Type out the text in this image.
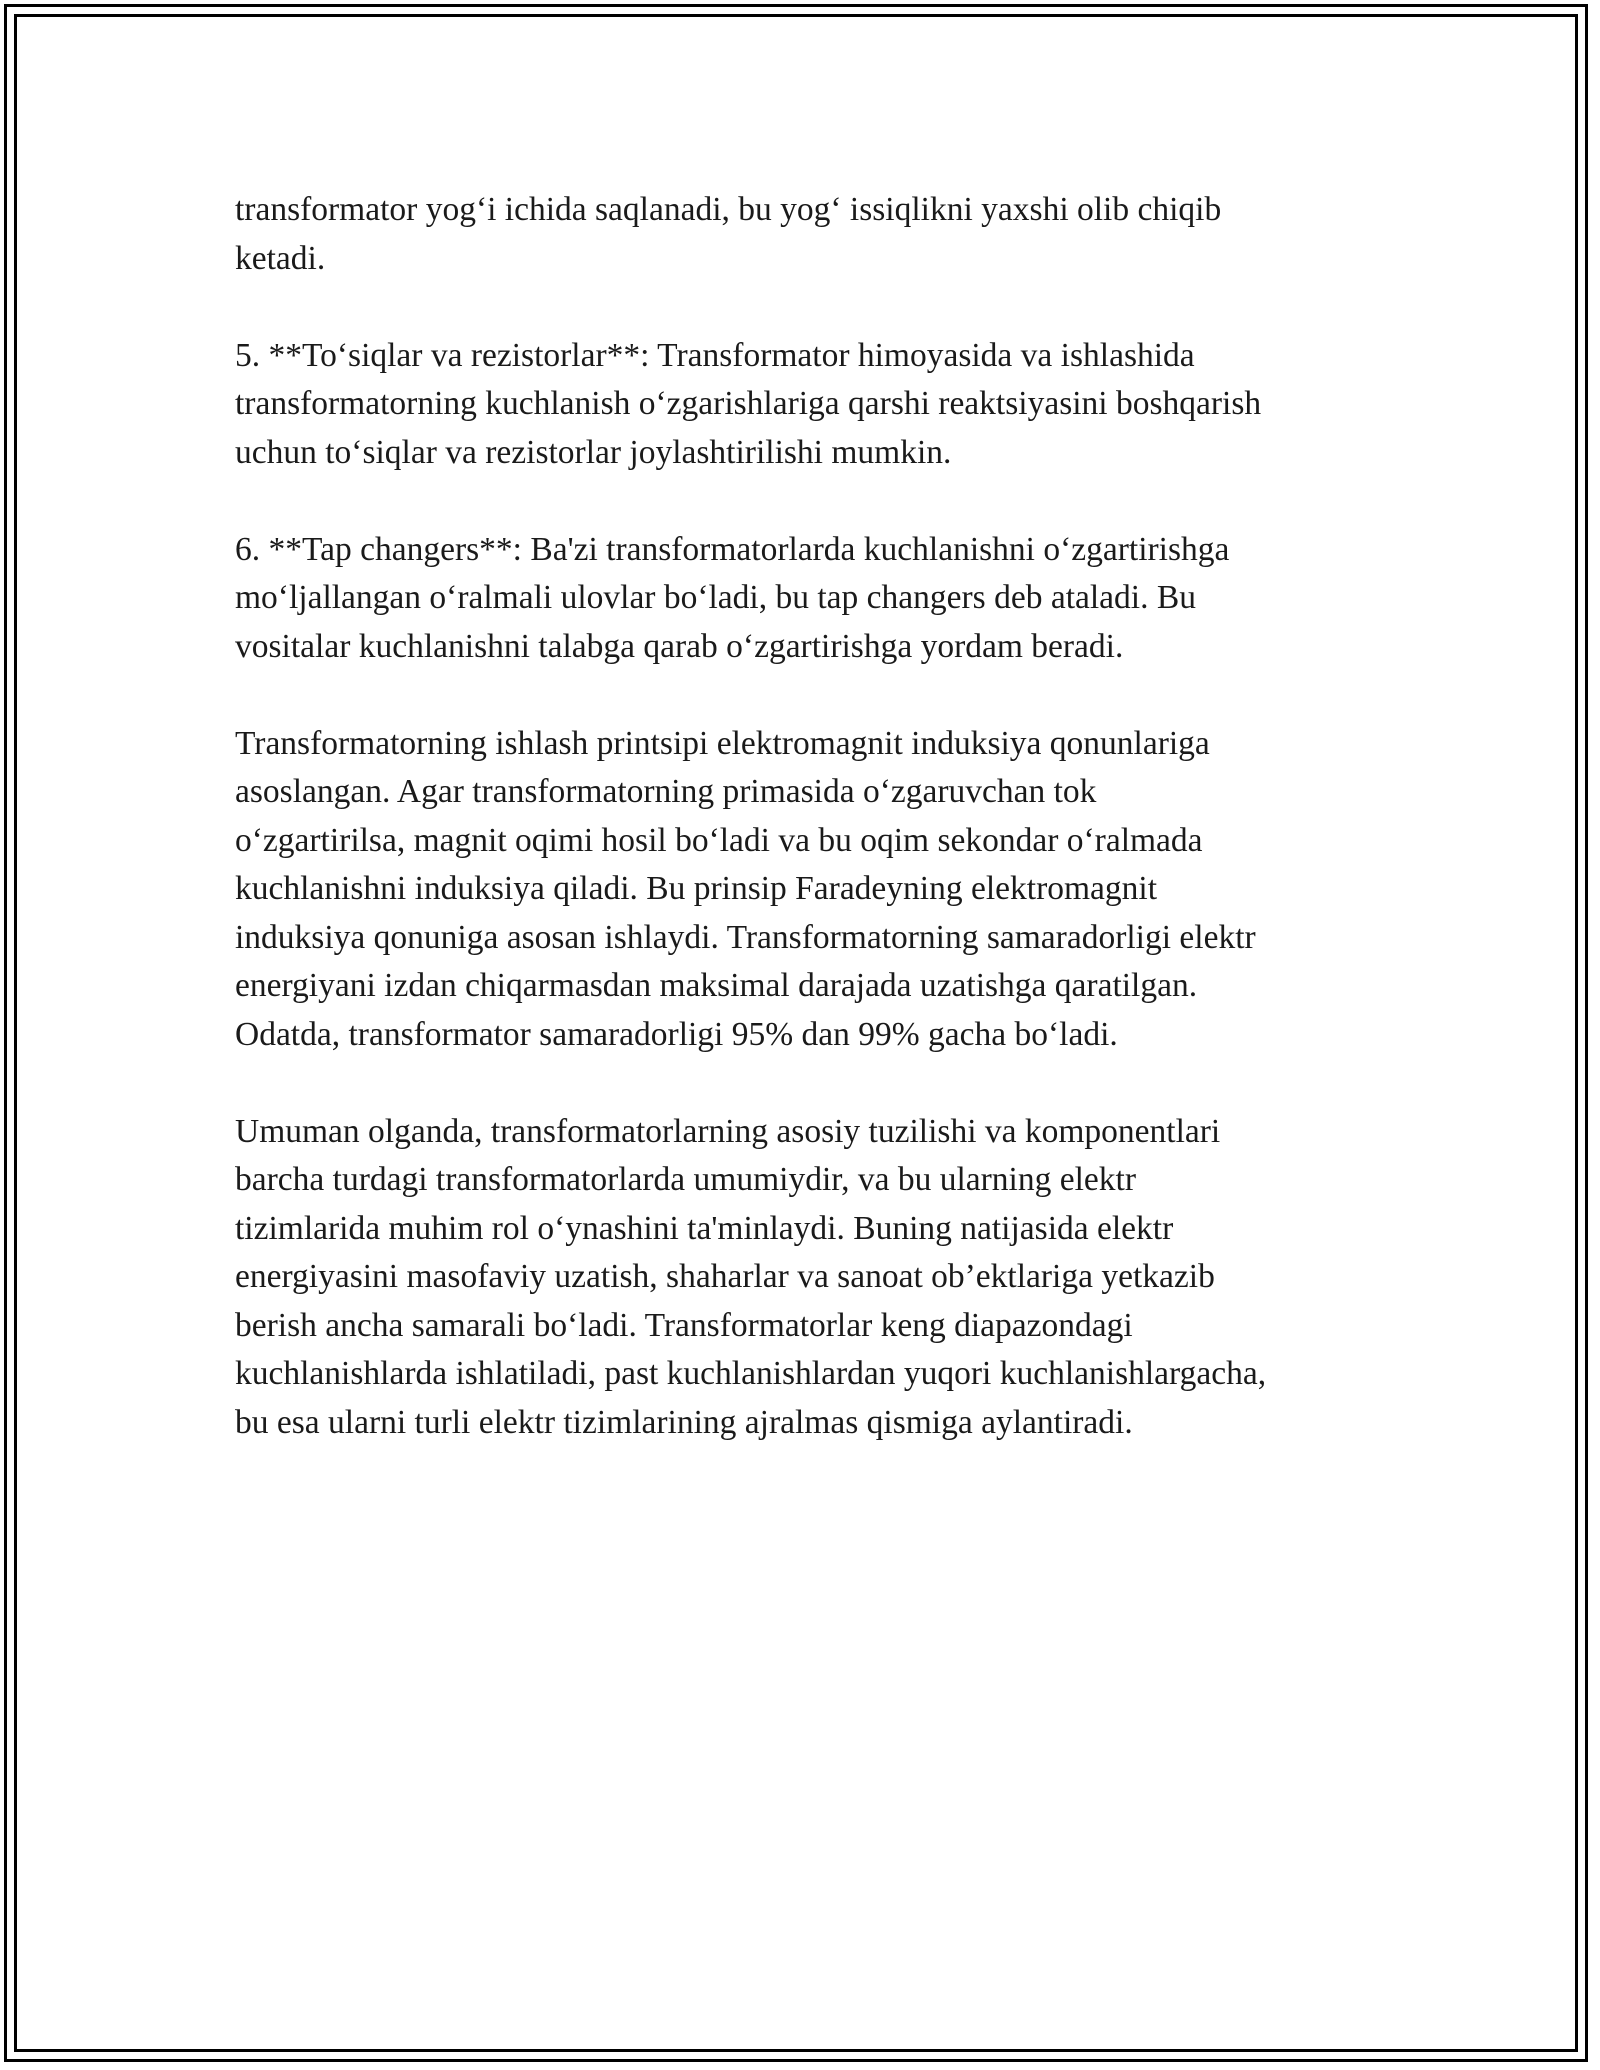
transformator yog‘i ichida saqlanadi, bu yog‘ issiqlikni yaxshi olib chiqib
ketadi.

5. **To‘siqlar va rezistorlar**: Transformator himoyasida va ishlashida
transformatorning kuchlanish o‘zgarishlariga qarshi reaktsiyasini boshqarish
uchun to‘siqlar va rezistorlar joylashtirilishi mumkin.

6. **Tap changers**: Ba'zi transformatorlarda kuchlanishni o‘zgartirishga
mo‘ljallangan o‘ralmali ulovlar bo‘ladi, bu tap changers deb ataladi. Bu
vositalar kuchlanishni talabga qarab o‘zgartirishga yordam beradi.

Transformatorning ishlash printsipi elektromagnit induksiya qonunlariga
asoslangan. Agar transformatorning primasida o‘zgaruvchan tok
o‘zgartirilsa, magnit oqimi hosil bo‘ladi va bu oqim sekondar o‘ralmada
kuchlanishni induksiya qiladi. Bu prinsip Faradeyning elektromagnit
induksiya qonuniga asosan ishlaydi. Transformatorning samaradorligi elektr
energiyani izdan chiqarmasdan maksimal darajada uzatishga qaratilgan.
Odatda, transformator samaradorligi 95% dan 99% gacha bo‘ladi.

Umuman olganda, transformatorlarning asosiy tuzilishi va komponentlari
barcha turdagi transformatorlarda umumiydir, va bu ularning elektr
tizimlarida muhim rol o‘ynashini ta'minlaydi. Buning natijasida elektr
energiyasini masofaviy uzatish, shaharlar va sanoat ob’ektlariga yetkazib
berish ancha samarali bo‘ladi. Transformatorlar keng diapazondagi
kuchlanishlarda ishlatiladi, past kuchlanishlardan yuqori kuchlanishlargacha,
bu esa ularni turli elektr tizimlarining ajralmas qismiga aylantiradi.
